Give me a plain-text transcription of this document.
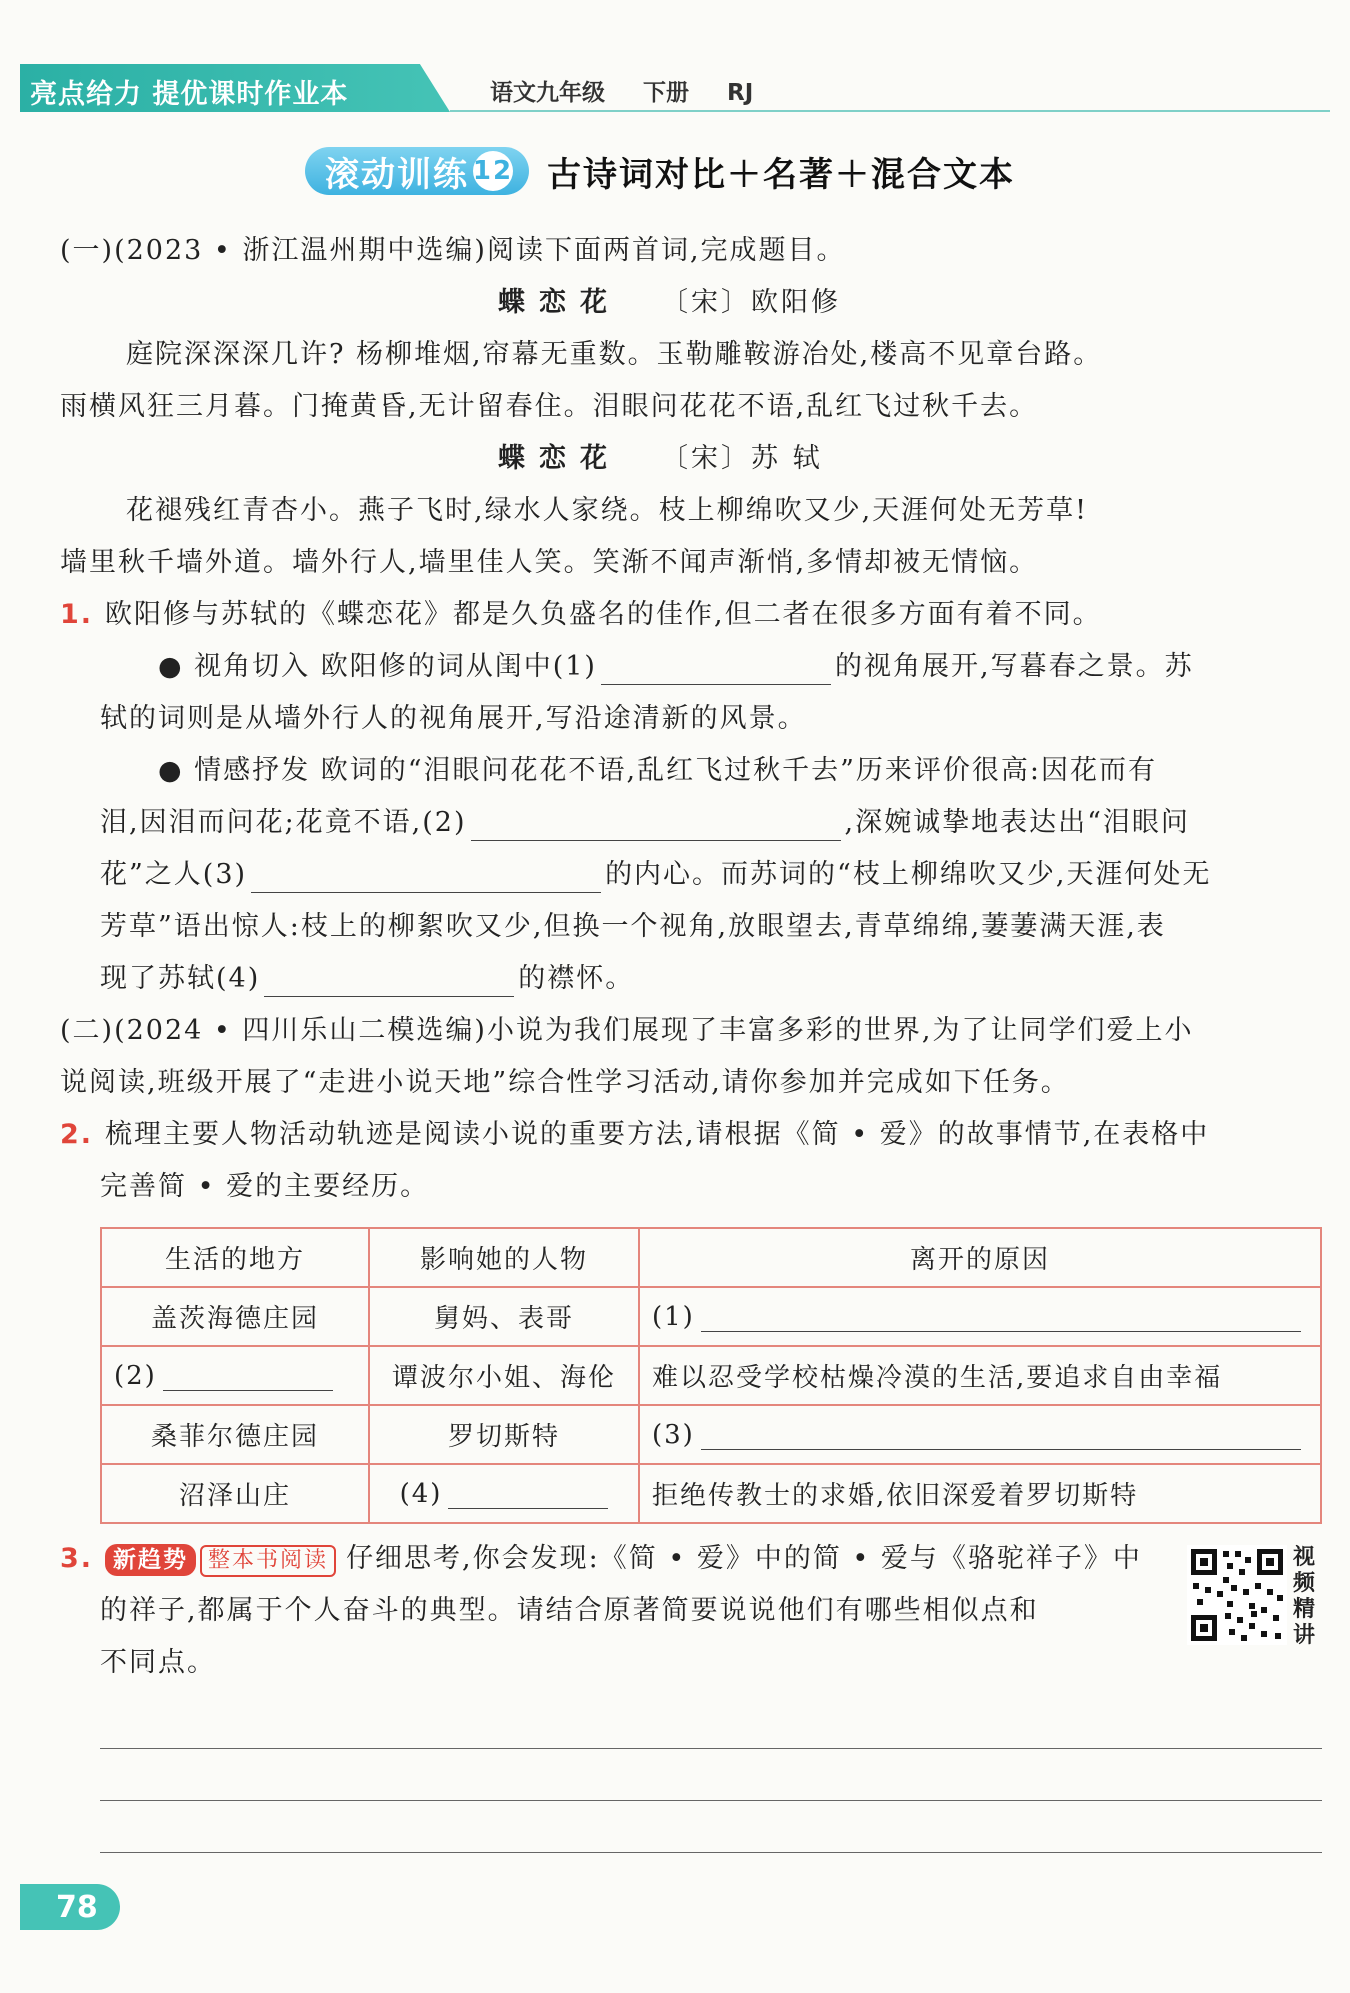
亮点给力 提优课时作业本	语文九年级 下册 RJ
滚动训练 12 古诗词对比＋名著＋混合文本
(一)(2023 • 浙江温州期中选编)阅读下面两首词,完成题目。
蝶恋花 〔宋〕欧阳修
庭院深深深几许? 杨柳堆烟,帘幕无重数。玉勒雕鞍游冶处,楼高不见章台路。
雨横风狂三月暮。门掩黄昏,无计留春住。泪眼问花花不语,乱红飞过秋千去。
蝶恋花 〔宋〕苏 轼
花褪残红青杏小。燕子飞时,绿水人家绕。枝上柳绵吹又少,天涯何处无芳草!
墙里秋千墙外道。墙外行人,墙里佳人笑。笑渐不闻声渐悄,多情却被无情恼。
1. 欧阳修与苏轼的《蝶恋花》都是久负盛名的佳作,但二者在很多方面有着不同。
● 视角切入 欧阳修的词从闺中(1)	的视角展开,写暮春之景。苏
轼的词则是从墙外行人的视角展开,写沿途清新的风景。
● 情感抒发 欧词的“泪眼问花花不语,乱红飞过秋千去”历来评价很高:因花而有
泪,因泪而问花;花竟不语,(2)	,深婉诚挚地表达出“泪眼问
花”之人(3)	的内心。而苏词的“枝上柳绵吹又少,天涯何处无
芳草”语出惊人:枝上的柳絮吹又少,但换一个视角,放眼望去,青草绵绵,萋萋满天涯,表
现了苏轼(4)	的襟怀。
(二)(2024 • 四川乐山二模选编)小说为我们展现了丰富多彩的世界,为了让同学们爱上小
说阅读,班级开展了“走进小说天地”综合性学习活动,请你参加并完成如下任务。
2. 梳理主要人物活动轨迹是阅读小说的重要方法,请根据《简 • 爱》的故事情节,在表格中
完善简 • 爱的主要经历。
生活的地方	影响她的人物	离开的原因
盖茨海德庄园	舅妈、表哥	(1)
(2)	谭波尔小姐、海伦	难以忍受学校枯燥冷漠的生活,要追求自由幸福
桑菲尔德庄园	罗切斯特	(3)
沼泽山庄	(4)	拒绝传教士的求婚,依旧深爱着罗切斯特
3. 新趋势 整本书阅读 仔细思考,你会发现:《简 • 爱》中的简 • 爱与《骆驼祥子》中
的祥子,都属于个人奋斗的典型。请结合原著简要说说他们有哪些相似点和
不同点。
视频精讲
78
